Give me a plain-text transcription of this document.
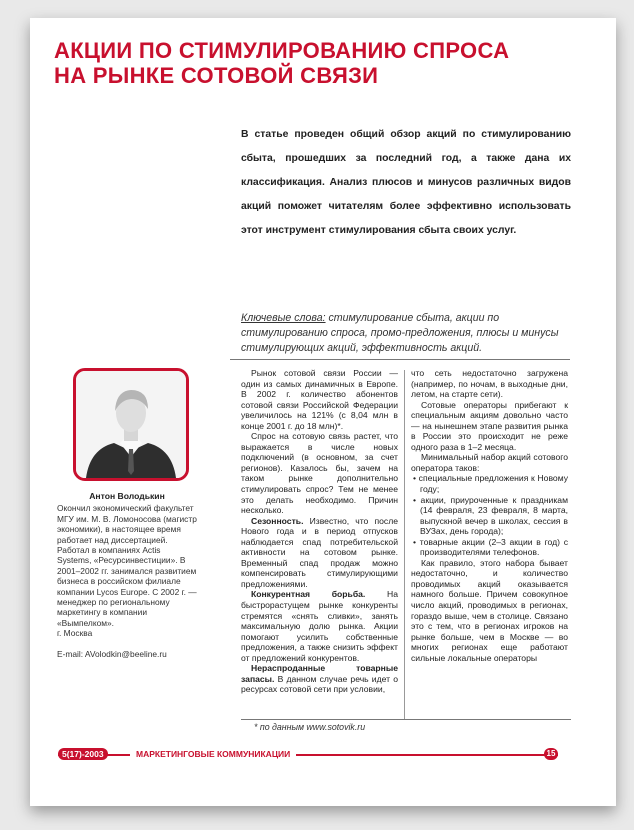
АКЦИИ ПО СТИМУЛИРОВАНИЮ СПРОСА
НА РЫНКЕ СОТОВОЙ СВЯЗИ
В статье проведен общий обзор акций по стимулированию сбыта, прошедших за последний год, а также дана их классификация. Анализ плюсов и минусов различных видов акций поможет читателям более эффективно использовать этот инструмент стимулирования сбыта своих услуг.
Ключевые слова: стимулирование сбыта, акции по стимулированию спроса, промо-предложения, плюсы и минусы стимулирующих акций, эффективность акций.
Антон Володькин

Окончил экономический факультет МГУ им. М. В. Ломоносова (магистр экономики), в настоящее время работает над диссертацией. Работал в компаниях Actis Systems, «Ресурсинвестиции». В 2001–2002 гг. занимался развитием бизнеса в российском филиале компании Lycos Europe. С 2002 г. — менеджер по региональному маркетингу в компании «Вымпелком».

г. Москва

E-mail: AVolodkin@beeline.ru

Рынок сотовой связи России — один из самых динамичных в Европе. В 2002 г. количество абонентов сотовой связи Российской Федерации увеличилось на 121% (с 8,04 млн в конце 2001 г. до 18 млн)*.

Спрос на сотовую связь растет, что выражается в числе новых подключений (в основном, за счет регионов). Казалось бы, зачем на таком рынке дополнительно стимулировать спрос? Тем не менее это делать необходимо. Причин несколько.

Сезонность. Известно, что после Нового года и в период отпусков наблюдается спад потребительской активности на сотовом рынке. Временный спад продаж можно компенсировать стимулирующими предложениями.

Конкурентная борьба. На быстрорастущем рынке конкуренты стремятся «снять сливки», занять максимальную долю рынка. Акции помогают усилить собственные предложения, а также снизить эффект от предложений конкурентов.

Нераспроданные товарные запасы. В данном случае речь идет о ресурсах сотовой сети при условии,

что сеть недостаточно загружена (например, по ночам, в выходные дни, летом, на старте сети).

Сотовые операторы прибегают к специальным акциям довольно часто — на нынешнем этапе развития рынка в России это происходит не реже одного раза в 1–2 месяца.

Минимальный набор акций сотового оператора таков:

• специальные предложения к Новому году;
• акции, приуроченные к праздникам (14 февраля, 23 февраля, 8 марта, выпускной вечер в школах, сессия в ВУЗах, день города);
• товарные акции (2–3 акции в год) с производителями телефонов.

Как правило, этого набора бывает недостаточно, и количество проводимых акций оказывается намного больше. Причем совокупное число акций, проводимых в регионах, гораздо выше, чем в столице. Связано это с тем, что в регионах игроков на рынке больше, чем в Москве — во многих регионах еще работают сильные локальные операторы

* по данным www.sotovik.ru
5(17)-2003	МАРКЕТИНГОВЫЕ КОММУНИКАЦИИ	15
